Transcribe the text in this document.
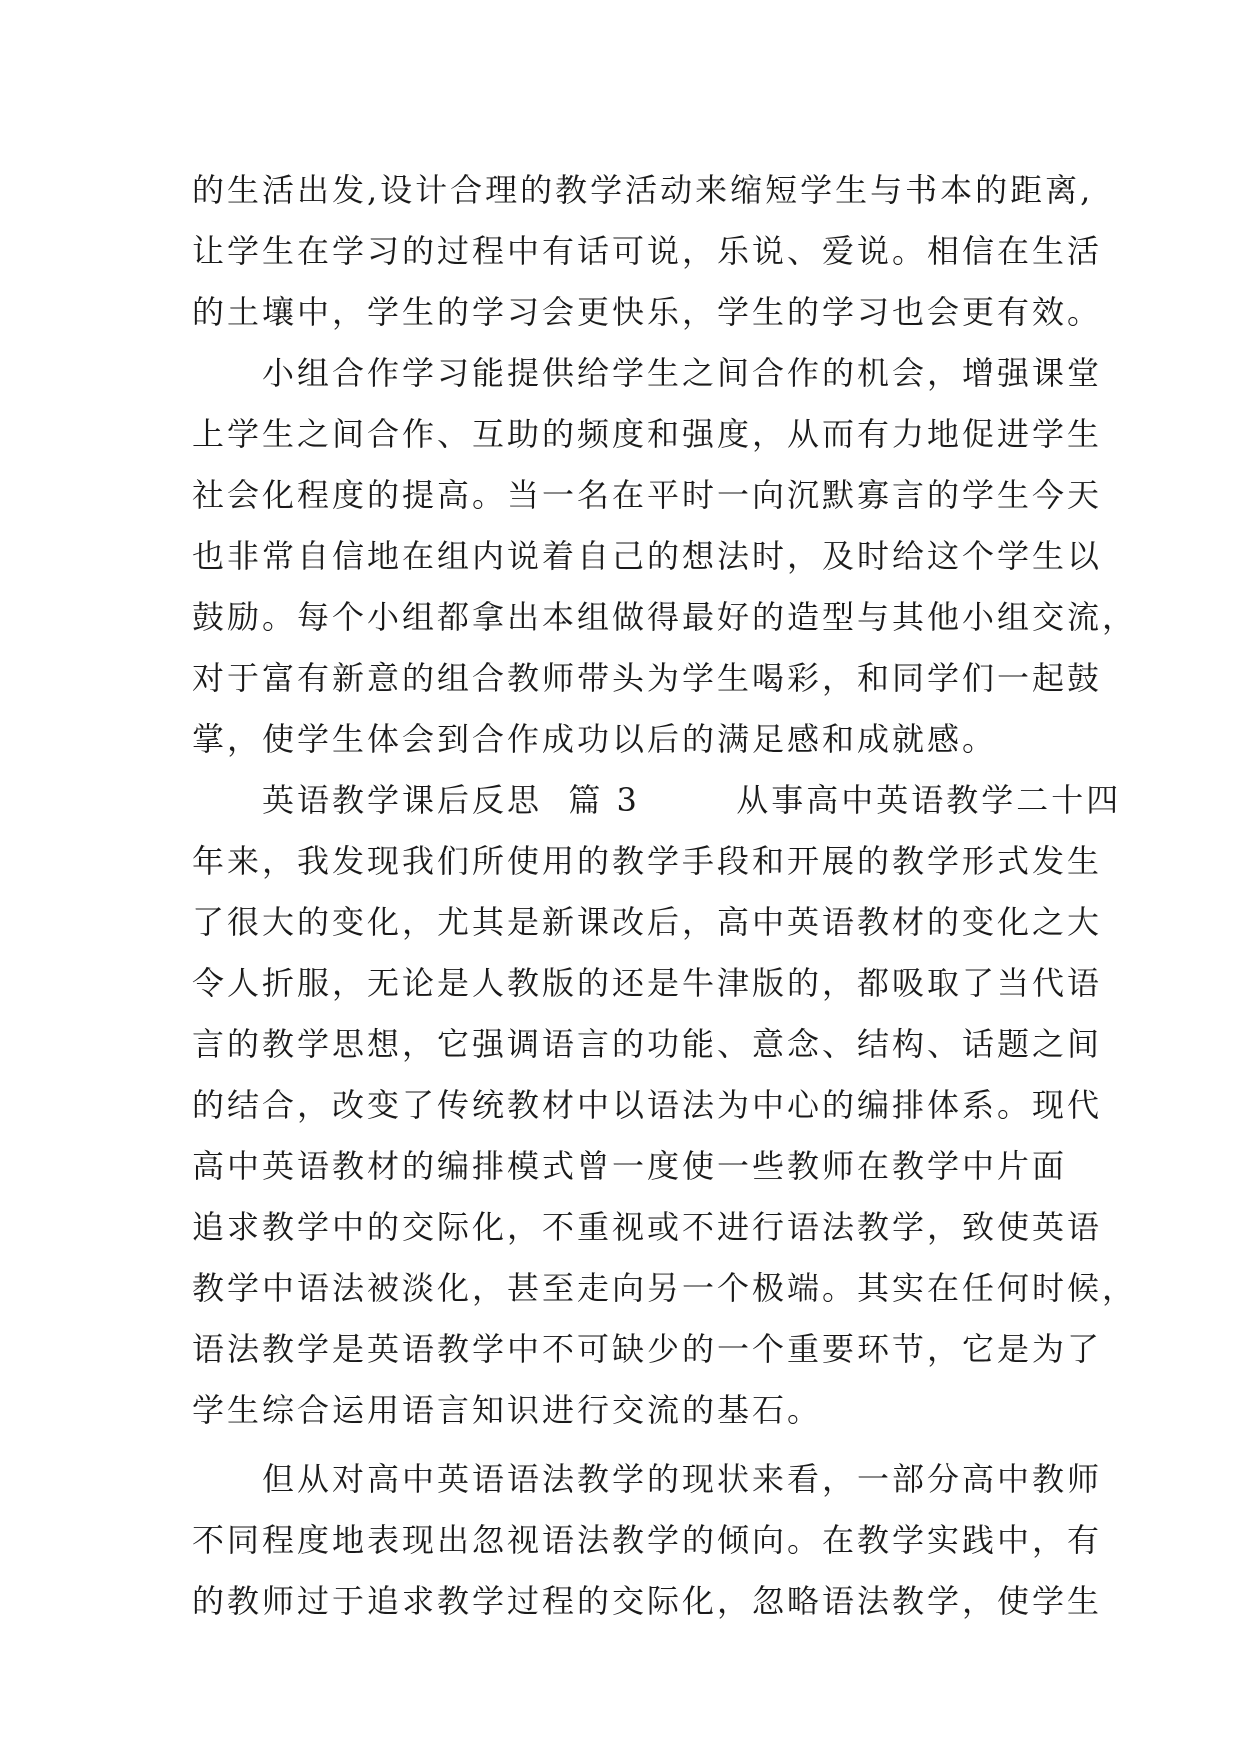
的生活出发,设计合理的教学活动来缩短学生与书本的距离,
让学生在学习的过程中有话可说，乐说、爱说。相信在生活
的土壤中，学生的学习会更快乐，学生的学习也会更有效。
　　小组合作学习能提供给学生之间合作的机会，增强课堂
上学生之间合作、互助的频度和强度，从而有力地促进学生
社会化程度的提高。当一名在平时一向沉默寡言的学生今天
也非常自信地在组内说着自己的想法时，及时给这个学生以
鼓励。每个小组都拿出本组做得最好的造型与其他小组交流，
对于富有新意的组合教师带头为学生喝彩，和同学们一起鼓
掌，使学生体会到合作成功以后的满足感和成就感。
　　英语教学课后反思  篇 3　　  从事高中英语教学二十四
年来，我发现我们所使用的教学手段和开展的教学形式发生
了很大的变化，尤其是新课改后，高中英语教材的变化之大
令人折服，无论是人教版的还是牛津版的，都吸取了当代语
言的教学思想，它强调语言的功能、意念、结构、话题之间
的结合，改变了传统教材中以语法为中心的编排体系。现代
高中英语教材的编排模式曾一度使一些教师在教学中片面
追求教学中的交际化，不重视或不进行语法教学，致使英语
教学中语法被淡化，甚至走向另一个极端。其实在任何时候，
语法教学是英语教学中不可缺少的一个重要环节，它是为了
学生综合运用语言知识进行交流的基石。
　　但从对高中英语语法教学的现状来看，一部分高中教师
不同程度地表现出忽视语法教学的倾向。在教学实践中，有
的教师过于追求教学过程的交际化，忽略语法教学，使学生
